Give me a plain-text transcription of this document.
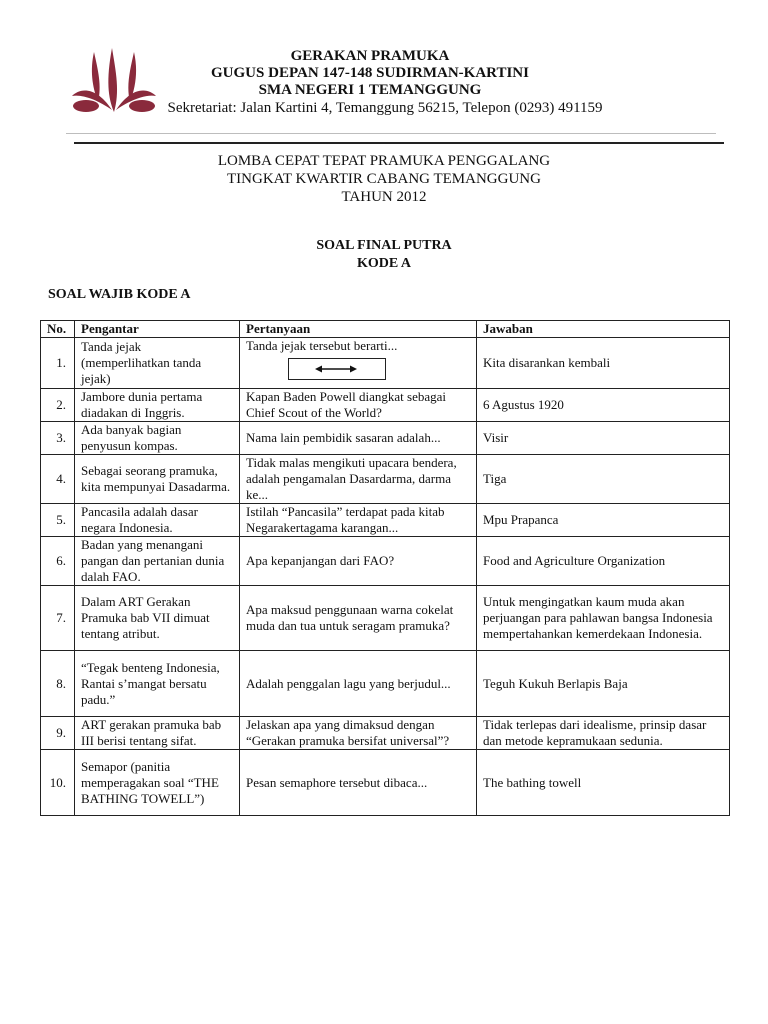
GERAKAN PRAMUKA
GUGUS DEPAN 147-148 SUDIRMAN-KARTINI
SMA NEGERI 1 TEMANGGUNG
Sekretariat: Jalan Kartini 4, Temanggung 56215, Telepon (0293) 491159
LOMBA CEPAT TEPAT PRAMUKA PENGGALANG
TINGKAT KWARTIR CABANG TEMANGGUNG
TAHUN 2012
SOAL FINAL PUTRA
KODE A
SOAL WAJIB KODE A
No.	Pengantar	Pertanyaan	Jawaban
1.	Tanda jejak (memperlihatkan tanda jejak)	Tanda jejak tersebut berarti...	Kita disarankan kembali
2.	Jambore dunia pertama diadakan di Inggris.	Kapan Baden Powell diangkat sebagai Chief Scout of the World?	6 Agustus 1920
3.	Ada banyak bagian penyusun kompas.	Nama lain pembidik sasaran adalah...	Visir
4.	Sebagai seorang pramuka, kita mempunyai Dasadarma.	Tidak malas mengikuti upacara bendera, adalah pengamalan Dasardarma, darma ke...	Tiga
5.	Pancasila adalah dasar negara Indonesia.	Istilah “Pancasila” terdapat pada kitab Negarakertagama karangan...	Mpu Prapanca
6.	Badan yang menangani pangan dan pertanian dunia dalah FAO.	Apa kepanjangan dari FAO?	Food and Agriculture Organization
7.	Dalam ART Gerakan Pramuka bab VII dimuat tentang atribut.	Apa maksud penggunaan warna cokelat muda dan tua untuk seragam pramuka?	Untuk mengingatkan kaum muda akan perjuangan para pahlawan bangsa Indonesia mempertahankan kemerdekaan Indonesia.
8.	“Tegak benteng Indonesia, Rantai s’mangat bersatu padu.”	Adalah penggalan lagu yang berjudul...	Teguh Kukuh Berlapis Baja
9.	ART gerakan pramuka bab III berisi tentang sifat.	Jelaskan apa yang dimaksud dengan “Gerakan pramuka bersifat universal”?	Tidak terlepas dari idealisme, prinsip dasar dan metode kepramukaan sedunia.
10.	Semapor (panitia memperagakan soal “THE BATHING TOWELL”)	Pesan semaphore tersebut dibaca...	The bathing towell
